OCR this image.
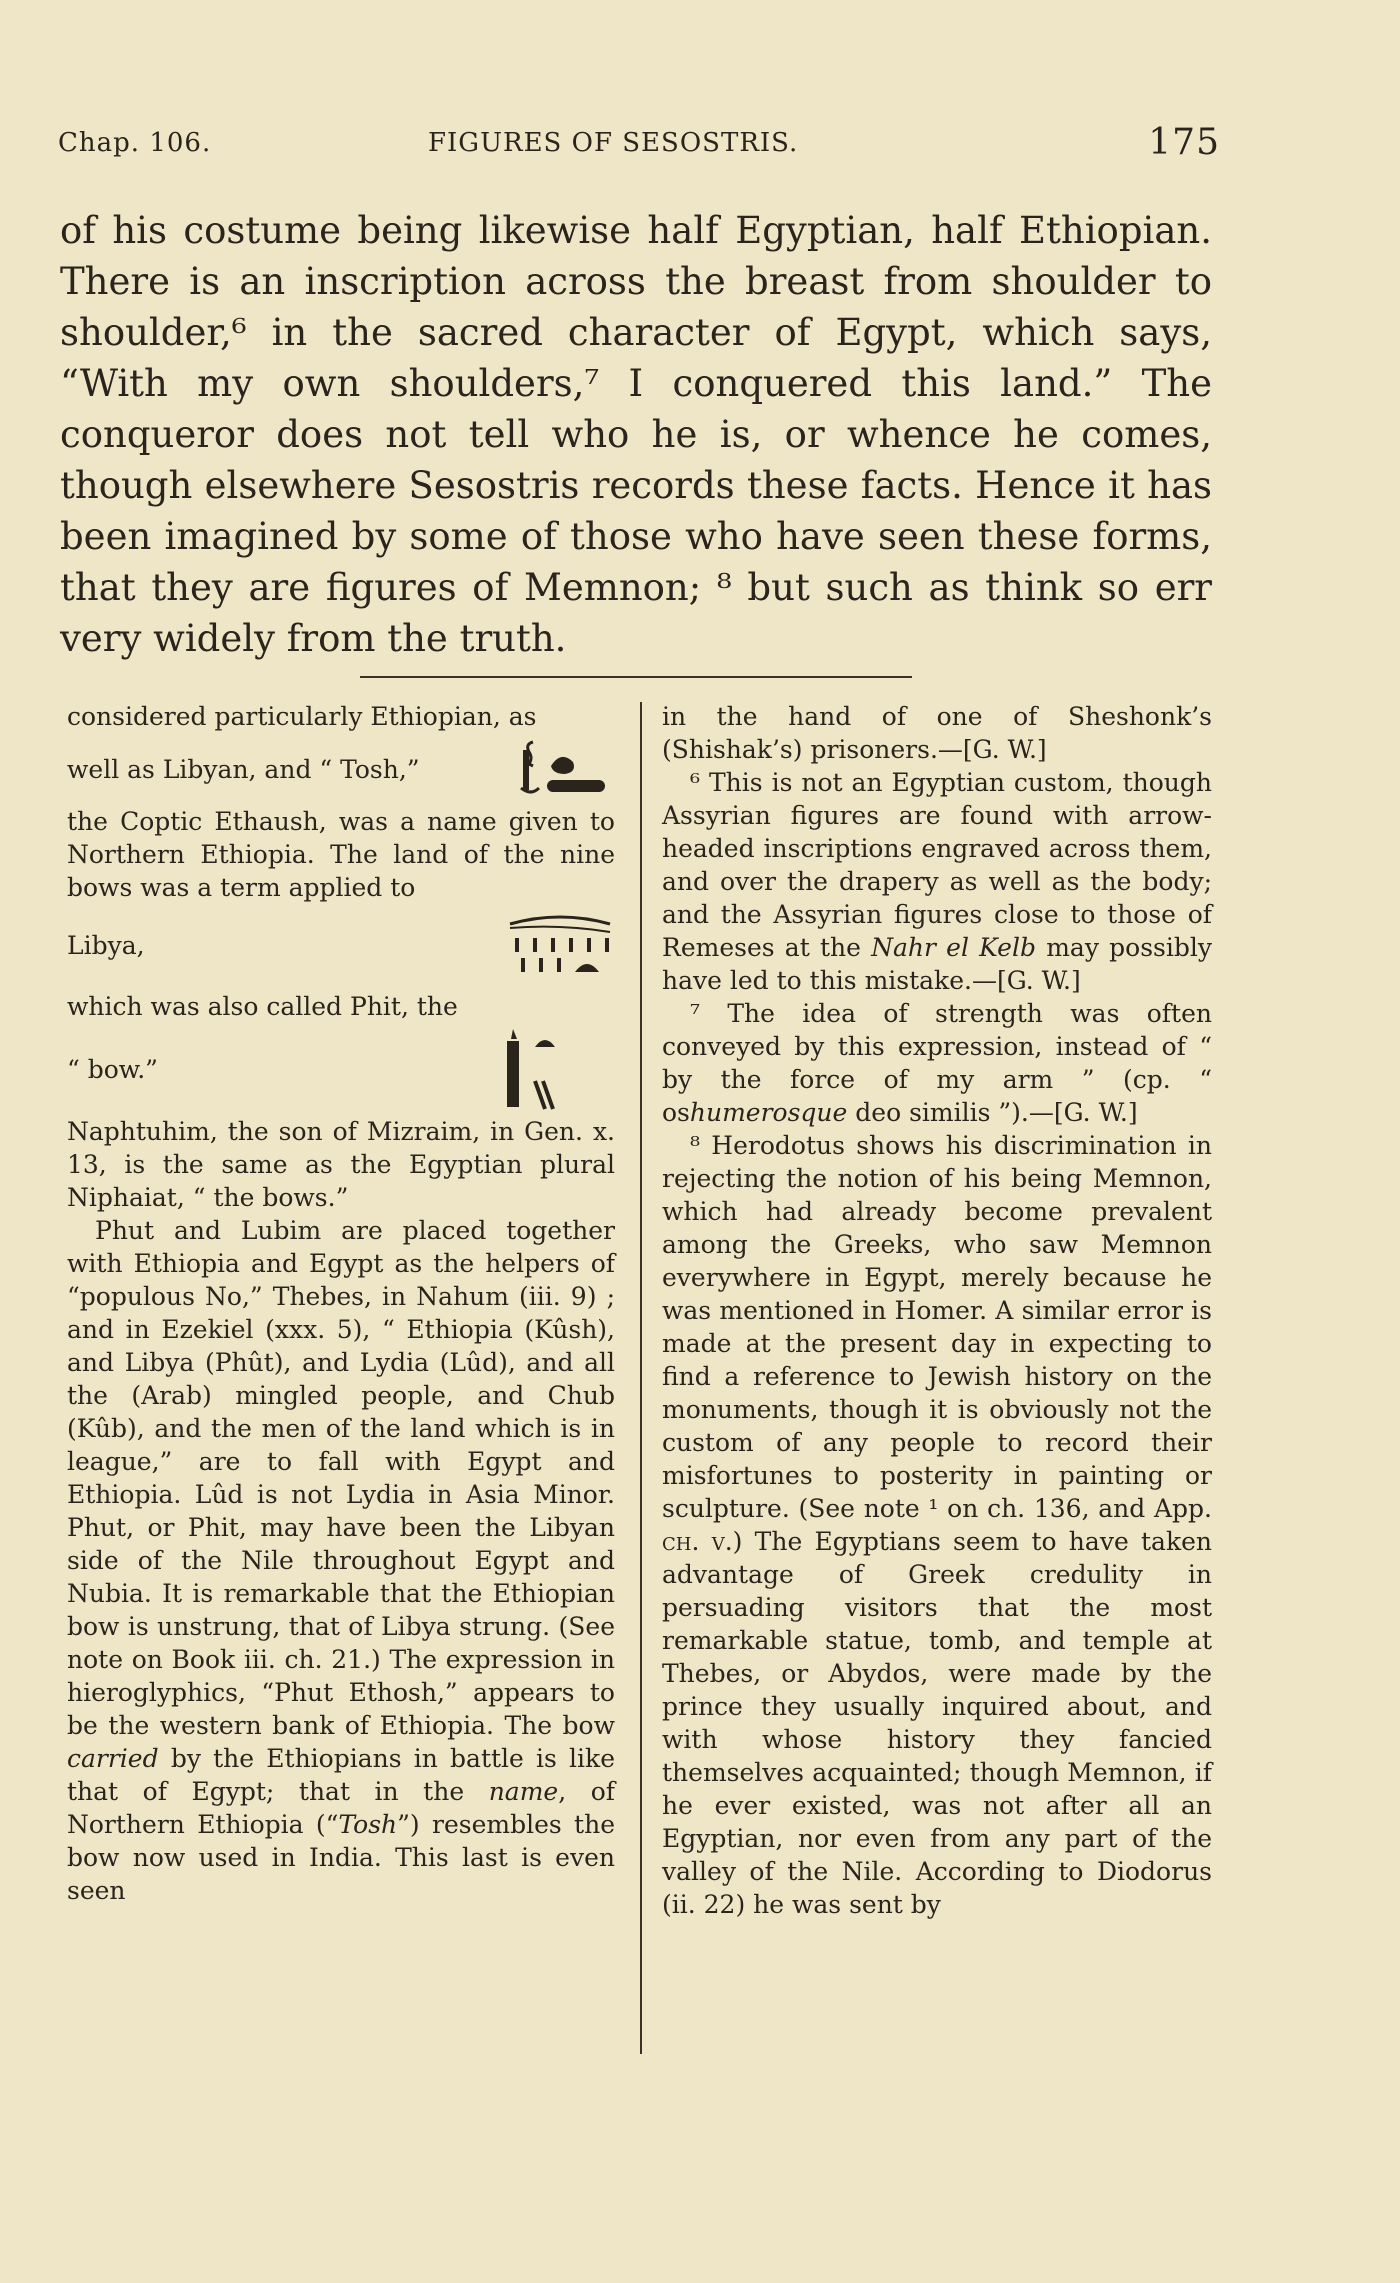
Chap. 106.	FIGURES OF SESOSTRIS.	175

of his costume being likewise half Egyptian, half Ethiopian. There is an inscription across the breast from shoulder to shoulder,⁶ in the sacred character of Egypt, which says, “With my own shoulders,⁷ I conquered this land.” The conqueror does not tell who he is, or whence he comes, though elsewhere Sesostris records these facts. Hence it has been imagined by some of those who have seen these forms, that they are figures of Memnon; ⁸ but such as think so err very widely from the truth.

considered particularly Ethiopian, as

well as Libyan, and “ Tosh,”

the Coptic Ethaush, was a name given to Northern Ethiopia. The land of the nine bows was a term applied to

Libya,

which was also called Phit, the

“ bow.”

Naphtuhim, the son of Mizraim, in Gen. x. 13, is the same as the Egyptian plural Niphaiat, “ the bows.”

Phut and Lubim are placed together with Ethiopia and Egypt as the helpers of “populous No,” Thebes, in Nahum (iii. 9) ; and in Ezekiel (xxx. 5), “ Ethiopia (Kûsh), and Libya (Phût), and Lydia (Lûd), and all the (Arab) mingled people, and Chub (Kûb), and the men of the land which is in league,” are to fall with Egypt and Ethiopia. Lûd is not Lydia in Asia Minor. Phut, or Phit, may have been the Libyan side of the Nile throughout Egypt and Nubia. It is remarkable that the Ethiopian bow is unstrung, that of Libya strung. (See note on Book iii. ch. 21.) The expression in hieroglyphics, “Phut Ethosh,” appears to be the western bank of Ethiopia. The bow carried by the Ethiopians in battle is like that of Egypt; that in the name, of Northern Ethiopia (“Tosh”) resembles the bow now used in India. This last is even seen

in the hand of one of Sheshonk’s (Shishak’s) prisoners.—[G. W.]

⁶ This is not an Egyptian custom, though Assyrian figures are found with arrow-headed inscriptions engraved across them, and over the drapery as well as the body; and the Assyrian figures close to those of Remeses at the Nahr el Kelb may possibly have led to this mistake.—[G. W.]

⁷ The idea of strength was often conveyed by this expression, instead of “ by the force of my arm ” (cp. “ oshumerosque deo similis ”).—[G. W.]

⁸ Herodotus shows his discrimination in rejecting the notion of his being Memnon, which had already become prevalent among the Greeks, who saw Memnon everywhere in Egypt, merely because he was mentioned in Homer. A similar error is made at the present day in expecting to find a reference to Jewish history on the monuments, though it is obviously not the custom of any people to record their misfortunes to posterity in painting or sculpture. (See note ¹ on ch. 136, and App. ch. v.) The Egyptians seem to have taken advantage of Greek credulity in persuading visitors that the most remarkable statue, tomb, and temple at Thebes, or Abydos, were made by the prince they usually inquired about, and with whose history they fancied themselves acquainted; though Memnon, if he ever existed, was not after all an Egyptian, nor even from any part of the valley of the Nile. According to Diodorus (ii. 22) he was sent by
